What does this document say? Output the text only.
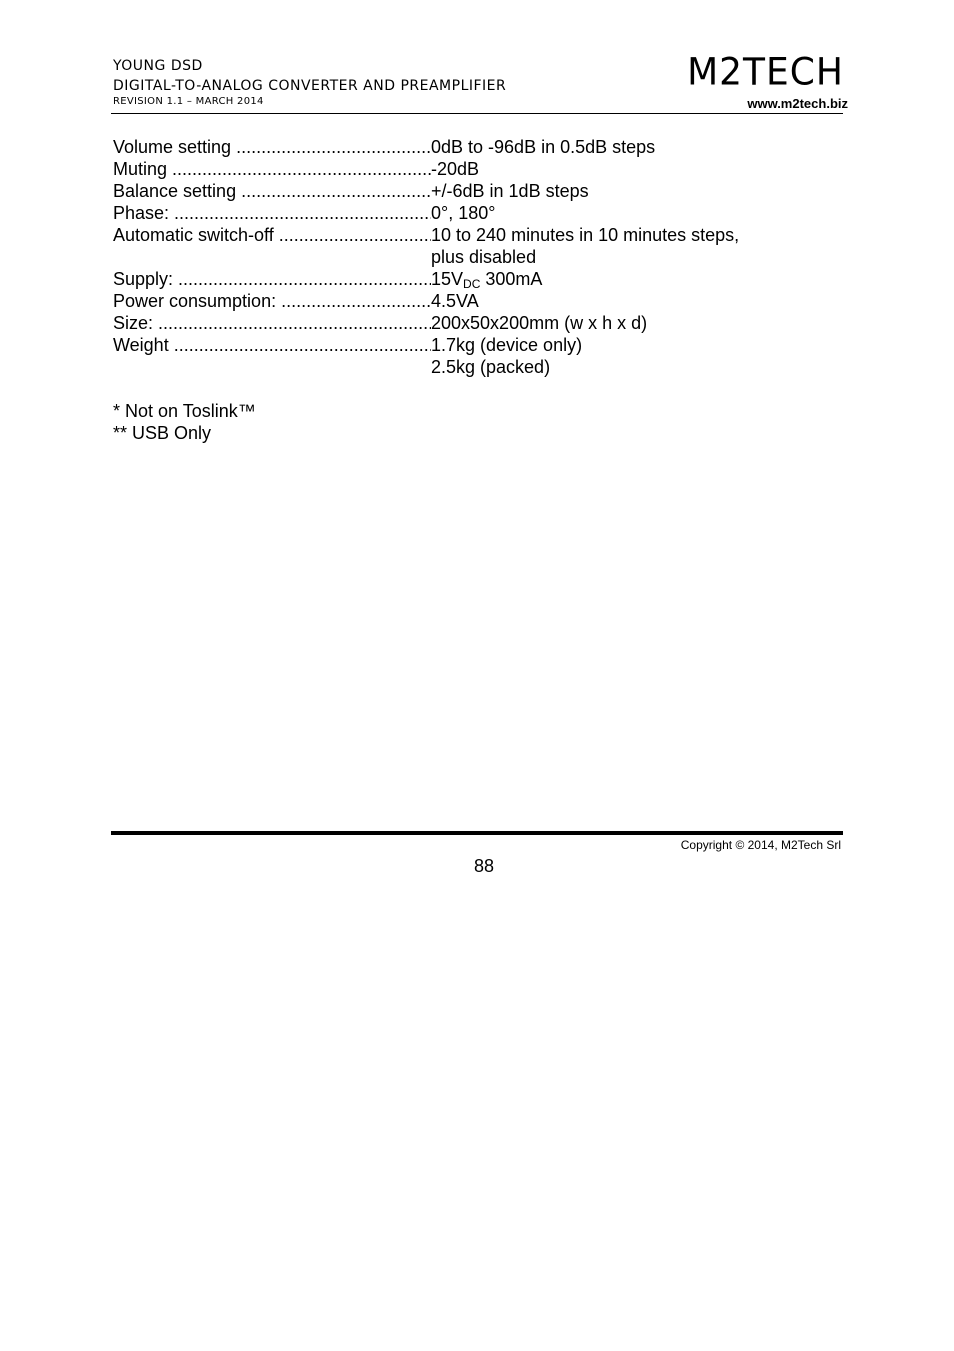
YOUNG DSD
DIGITAL-TO-ANALOG CONVERTER AND PREAMPLIFIER
REVISION 1.1 – MARCH 2014
M2TECH
www.m2tech.biz
Volume setting .....	0dB to -96dB in 0.5dB steps
Muting .....	-20dB
Balance setting .....	+/-6dB in 1dB steps
Phase: .....	0°, 180°
Automatic switch-off .....	10 to 240 minutes in 10 minutes steps,
plus disabled
Supply: .....	$15V_{DC}$ 300mA
Power consumption: .....	4.5VA
Size: .....	200x50x200mm (w x h x d)
Weight .....	1.7kg (device only)
2.5kg (packed)
* Not on Toslink™
** USB Only
Copyright © 2014, M2Tech Srl
88
